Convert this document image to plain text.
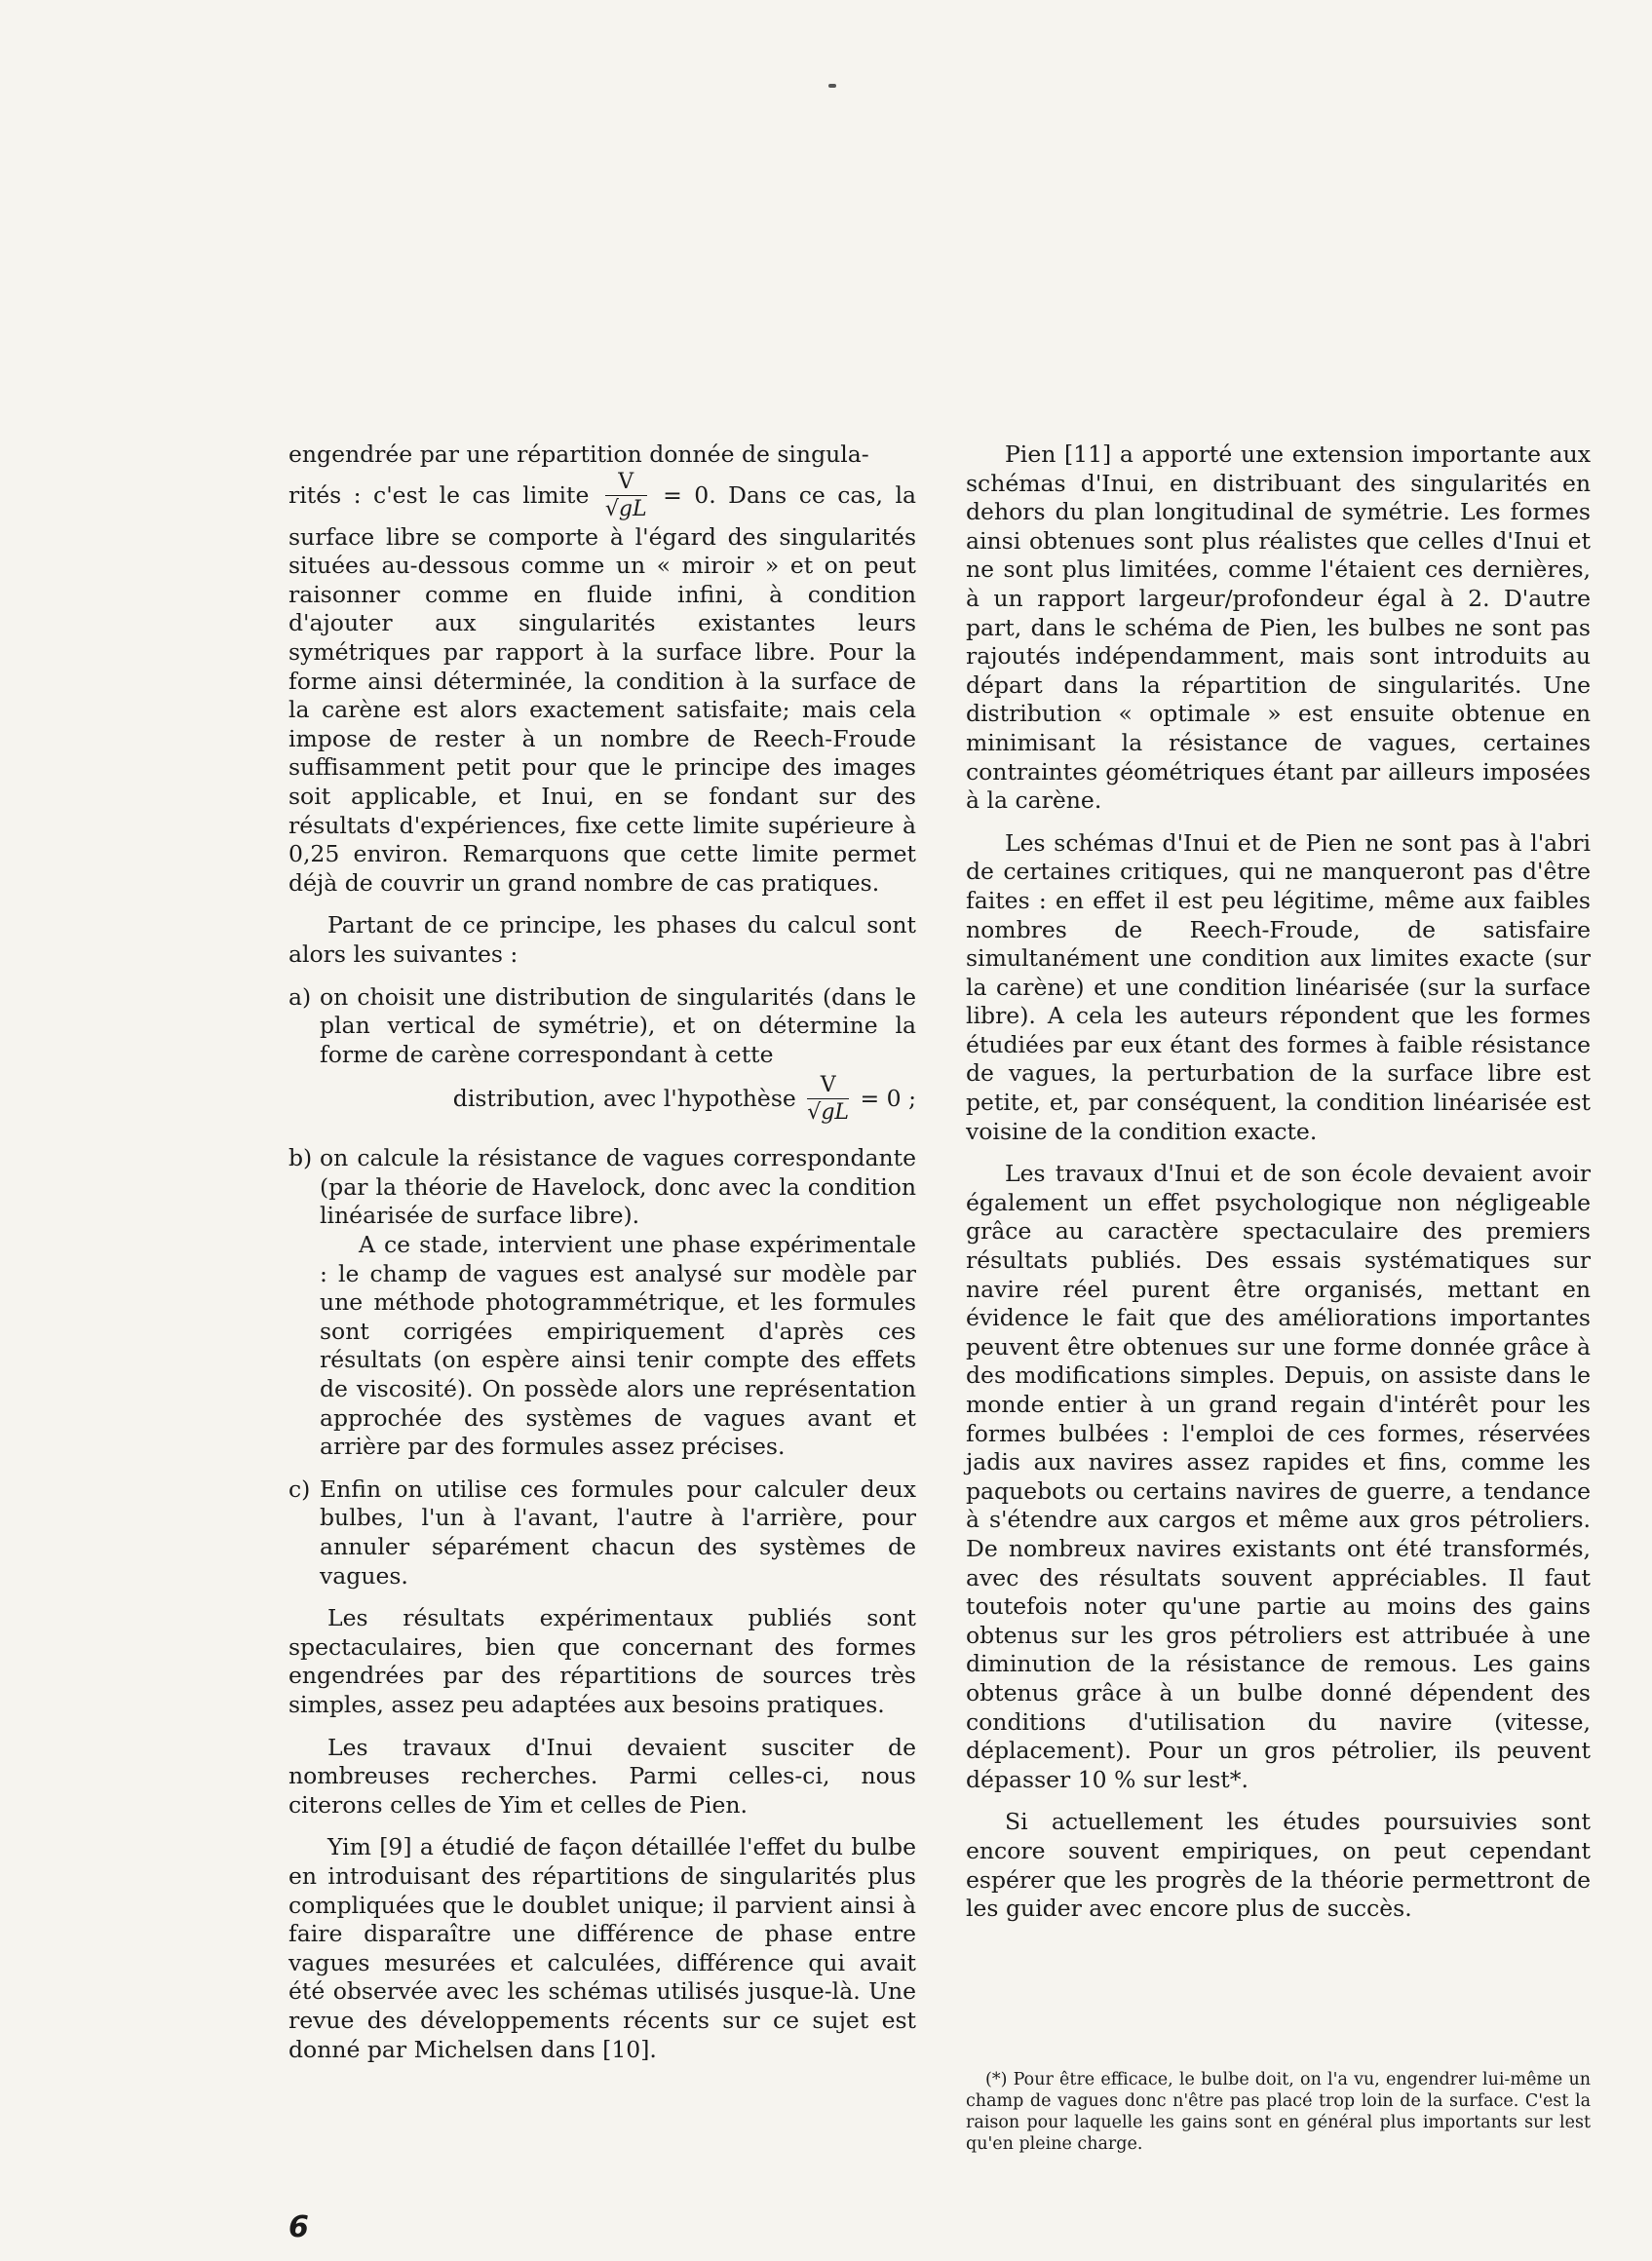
engendrée par une répartition donnée de singula-
rités : c'est le cas limite $\frac{V}{√gL} = 0$. Dans ce cas, la surface libre se comporte à l'égard des singularités situées au-dessous comme un « miroir » et on peut raisonner comme en fluide infini, à condition d'ajouter aux singularités existantes leurs symétriques par rapport à la surface libre. Pour la forme ainsi déterminée, la condition à la surface de la carène est alors exactement satisfaite; mais cela impose de rester à un nombre de Reech-Froude suffisamment petit pour que le principe des images soit applicable, et Inui, en se fondant sur des résultats d'expériences, fixe cette limite supérieure à 0,25 environ. Remarquons que cette limite permet déjà de couvrir un grand nombre de cas pratiques.

Partant de ce principe, les phases du calcul sont alors les suivantes :

a) on choisit une distribution de singularités (dans le plan vertical de symétrie), et on détermine la forme de carène correspondant à cette

distribution, avec l'hypothèse $\frac{V}{√gL} = 0$ ;
b) on calcule la résistance de vagues correspondante (par la théorie de Havelock, donc avec la condition linéarisée de surface libre).

A ce stade, intervient une phase expérimentale : le champ de vagues est analysé sur modèle par une méthode photogrammétrique, et les formules sont corrigées empiriquement d'après ces résultats (on espère ainsi tenir compte des effets de viscosité). On possède alors une représentation approchée des systèmes de vagues avant et arrière par des formules assez précises.

c) Enfin on utilise ces formules pour calculer deux bulbes, l'un à l'avant, l'autre à l'arrière, pour annuler séparément chacun des systèmes de vagues.

Les résultats expérimentaux publiés sont spectaculaires, bien que concernant des formes engendrées par des répartitions de sources très simples, assez peu adaptées aux besoins pratiques.

Les travaux d'Inui devaient susciter de nombreuses recherches. Parmi celles-ci, nous citerons celles de Yim et celles de Pien.

Yim [9] a étudié de façon détaillée l'effet du bulbe en introduisant des répartitions de singularités plus compliquées que le doublet unique; il parvient ainsi à faire disparaître une différence de phase entre vagues mesurées et calculées, différence qui avait été observée avec les schémas utilisés jusque-là. Une revue des développements récents sur ce sujet est donné par Michelsen dans [10].

Pien [11] a apporté une extension importante aux schémas d'Inui, en distribuant des singularités en dehors du plan longitudinal de symétrie. Les formes ainsi obtenues sont plus réalistes que celles d'Inui et ne sont plus limitées, comme l'étaient ces dernières, à un rapport largeur/profondeur égal à 2. D'autre part, dans le schéma de Pien, les bulbes ne sont pas rajoutés indépendamment, mais sont introduits au départ dans la répartition de singularités. Une distribution « optimale » est ensuite obtenue en minimisant la résistance de vagues, certaines contraintes géométriques étant par ailleurs imposées à la carène.

Les schémas d'Inui et de Pien ne sont pas à l'abri de certaines critiques, qui ne manqueront pas d'être faites : en effet il est peu légitime, même aux faibles nombres de Reech-Froude, de satisfaire simultanément une condition aux limites exacte (sur la carène) et une condition linéarisée (sur la surface libre). A cela les auteurs répondent que les formes étudiées par eux étant des formes à faible résistance de vagues, la perturbation de la surface libre est petite, et, par conséquent, la condition linéarisée est voisine de la condition exacte.

Les travaux d'Inui et de son école devaient avoir également un effet psychologique non négligeable grâce au caractère spectaculaire des premiers résultats publiés. Des essais systématiques sur navire réel purent être organisés, mettant en évidence le fait que des améliorations importantes peuvent être obtenues sur une forme donnée grâce à des modifications simples. Depuis, on assiste dans le monde entier à un grand regain d'intérêt pour les formes bulbées : l'emploi de ces formes, réservées jadis aux navires assez rapides et fins, comme les paquebots ou certains navires de guerre, a tendance à s'étendre aux cargos et même aux gros pétroliers. De nombreux navires existants ont été transformés, avec des résultats souvent appréciables. Il faut toutefois noter qu'une partie au moins des gains obtenus sur les gros pétroliers est attribuée à une diminution de la résistance de remous. Les gains obtenus grâce à un bulbe donné dépendent des conditions d'utilisation du navire (vitesse, déplacement). Pour un gros pétrolier, ils peuvent dépasser 10 % sur lest*.

Si actuellement les études poursuivies sont encore souvent empiriques, on peut cependant espérer que les progrès de la théorie permettront de les guider avec encore plus de succès.

(*) Pour être efficace, le bulbe doit, on l'a vu, engendrer lui-même un champ de vagues donc n'être pas placé trop loin de la surface. C'est la raison pour laquelle les gains sont en général plus importants sur lest qu'en pleine charge.

6
